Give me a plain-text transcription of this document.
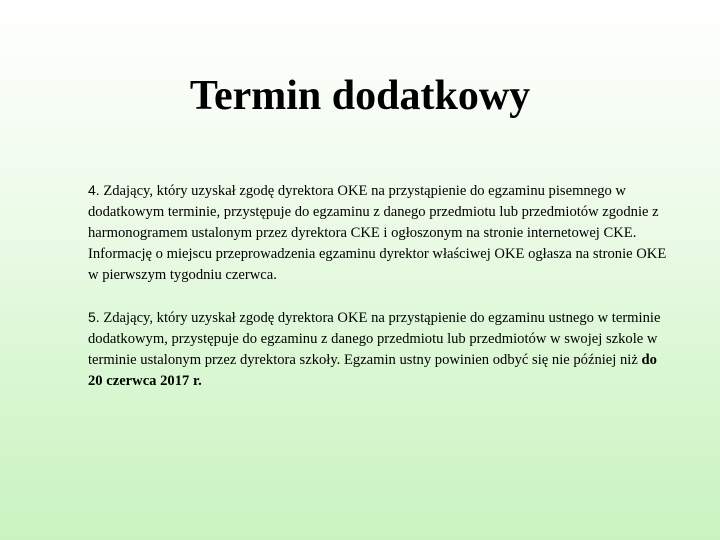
Termin dodatkowy

4. Zdający, który uzyskał zgodę dyrektora OKE na przystąpienie do egzaminu pisemnego w dodatkowym terminie, przystępuje do egzaminu z danego przedmiotu lub przedmiotów zgodnie z harmonogramem ustalonym przez dyrektora CKE i ogłoszonym na stronie internetowej CKE. Informację o miejscu przeprowadzenia egzaminu dyrektor właściwej OKE ogłasza na stronie OKE w pierwszym tygodniu czerwca.

5. Zdający, który uzyskał zgodę dyrektora OKE na przystąpienie do egzaminu ustnego w terminie dodatkowym, przystępuje do egzaminu z danego przedmiotu lub przedmiotów w swojej szkole w terminie ustalonym przez dyrektora szkoły. Egzamin ustny powinien odbyć się nie później niż do 20 czerwca 2017 r.
